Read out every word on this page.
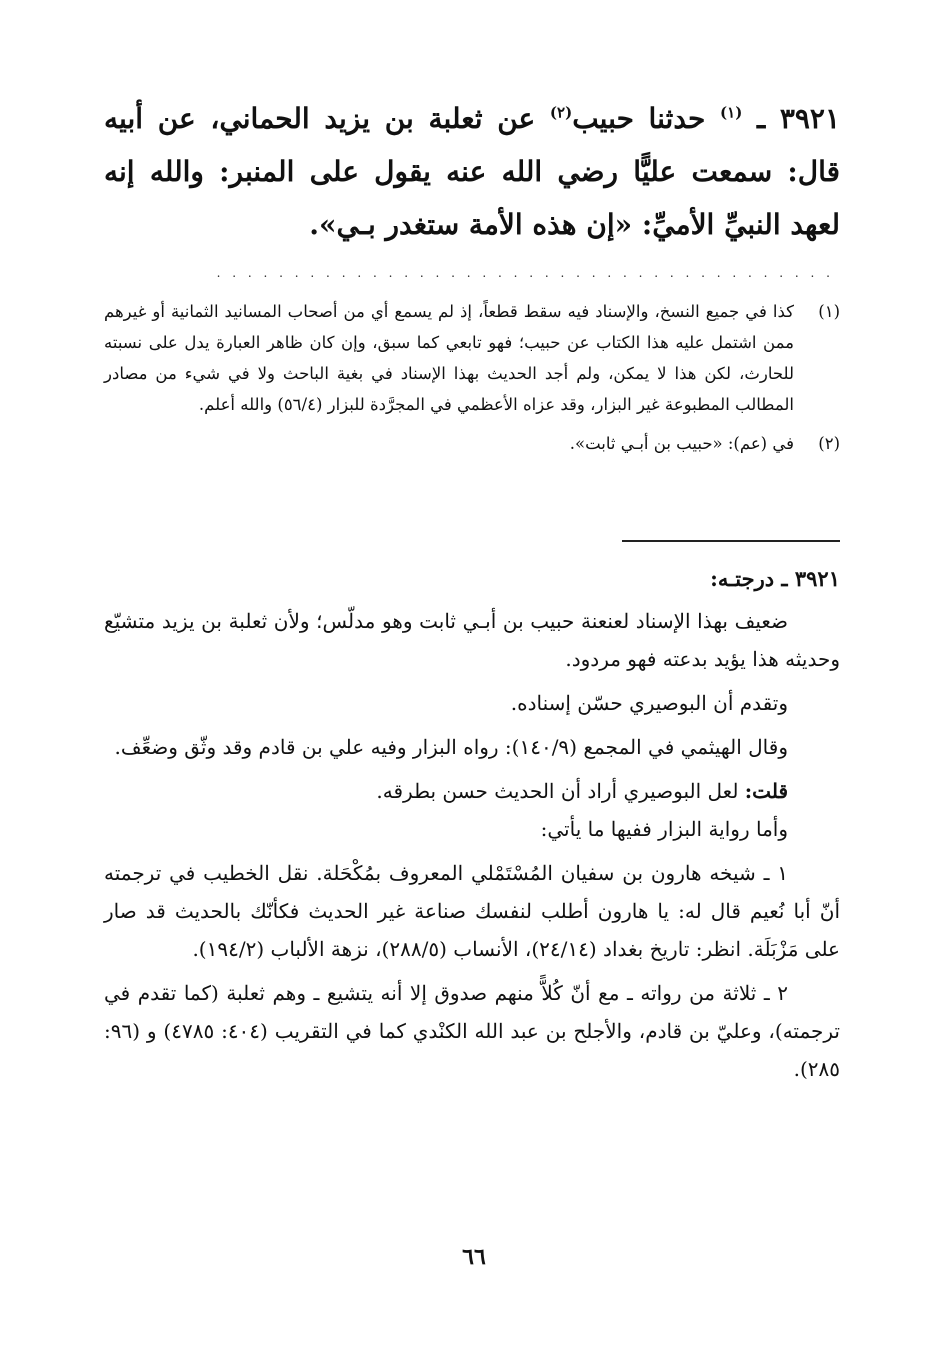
٣٩٢١ ـ $^{(١)}$ حدثنا حبيب$^{(٢)}$ عن ثعلبة بن يزيد الحماني، عن أبيه قال: سمعت عليًّا رضي الله عنه يقول على المنبر: والله إنه لعهد النبيِّ الأميِّ: «إن هذه الأمة ستغدر بـي».

. . . . . . . . . . . . . . . . . . . . . . . . . . . . . . . . . . . . . . . .

(١)
كذا في جميع النسخ، والإسناد فيه سقط قطعاً، إذ لم يسمع أي من أصحاب المسانيد الثمانية أو غيرهم ممن اشتمل عليه هذا الكتاب عن حبيب؛ فهو تابعي كما سبق، وإن كان ظاهر العبارة يدل على نسبته للحارث، لكن هذا لا يمكن، ولم أجد الحديث بهذا الإسناد في بغية الباحث ولا في شيء من مصادر المطالب المطبوعة غير البزار، وقد عزاه الأعظمي في المجرَّدة للبزار (٥٦/٤) والله أعلم.

(٢)
في (عم): «حبيب بن أبـي ثابت».

٣٩٢١ ـ درجتـه:

ضعيف بهذا الإسناد لعنعنة حبيب بن أبـي ثابت وهو مدلّس؛ ولأن ثعلبة بن يزيد متشيّع وحديثه هذا يؤيد بدعته فهو مردود.

وتقدم أن البوصيري حسّن إسناده.

وقال الهيثمي في المجمع (١٤٠/٩): رواه البزار وفيه علي بن قادم وقد وثّق وضعِّف.

قلت: لعل البوصيري أراد أن الحديث حسن بطرقه.

وأما رواية البزار ففيها ما يأتي:

١ ـ شيخه هارون بن سفيان المُسْتَمْلي المعروف بمُكْحَلة. نقل الخطيب في ترجمته أنّ أبا نُعيم قال له: يا هارون أطلب لنفسك صناعة غير الحديث فكأنّك بالحديث قد صار على مَزْبَلَة. انظر: تاريخ بغداد (٢٤/١٤)، الأنساب (٢٨٨/٥)، نزهة الألباب (١٩٤/٢).

٢ ـ ثلاثة من رواته ـ مع أنّ كُلاًّ منهم صدوق إلا أنه يتشيع ـ وهم ثعلبة (كما تقدم في ترجمته)، وعليّ بن قادم، والأجلح بن عبد الله الكنْدي كما في التقريب (٤٠٤: ٤٧٨٥) و (٩٦: ٢٨٥).

٦٦
